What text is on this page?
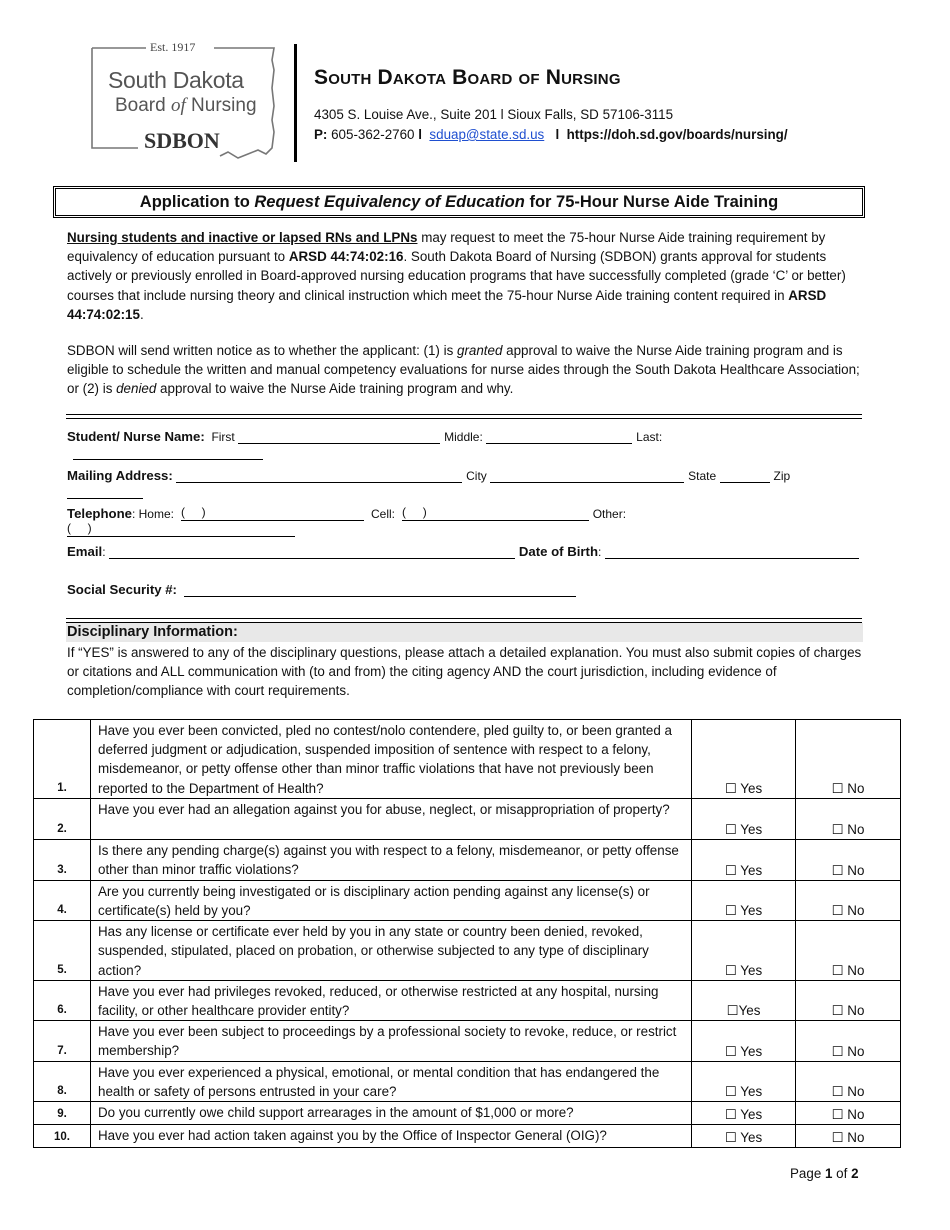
Est. 1917
South Dakota
Board of Nursing
SDBON
South Dakota Board of Nursing
4305 S. Louise Ave., Suite 201 l Sioux Falls, SD 57106-3115
P: 605-362-2760 l sduap@state.sd.us l https://doh.sd.gov/boards/nursing/
Application to Request Equivalency of Education for 75-Hour Nurse Aide Training
Nursing students and inactive or lapsed RNs and LPNs may request to meet the 75-hour Nurse Aide training requirement by equivalency of education pursuant to ARSD 44:74:02:16. South Dakota Board of Nursing (SDBON) grants approval for students actively or previously enrolled in Board-approved nursing education programs that have successfully completed (grade ‘C’ or better) courses that include nursing theory and clinical instruction which meet the 75-hour Nurse Aide training content required in ARSD 44:74:02:15.
SDBON will send written notice as to whether the applicant: (1) is granted approval to waive the Nurse Aide training program and is eligible to schedule the written and manual competency evaluations for nurse aides through the South Dakota Healthcare Association; or (2) is denied approval to waive the Nurse Aide training program and why.
Student/ Nurse Name: First	Middle:	Last:
Mailing Address:	City	State	Zip
Telephone: Home:  (     )	Cell:  (     )	Other:  (     )
Email:	Date of Birth:
Social Security #:
Disciplinary Information:
If “YES” is answered to any of the disciplinary questions, please attach a detailed explanation. You must also submit copies of charges or citations and ALL communication with (to and from) the citing agency AND the court jurisdiction, including evidence of completion/compliance with court requirements.
1.	Have you ever been convicted, pled no contest/nolo contendere, pled guilty to, or been granted a deferred judgment or adjudication, suspended imposition of sentence with respect to a felony, misdemeanor, or petty offense other than minor traffic violations that have not previously been reported to the Department of Health?	☐ Yes	☐ No
2.	Have you ever had an allegation against you for abuse, neglect, or misappropriation of property?	☐ Yes	☐ No
3.	Is there any pending charge(s) against you with respect to a felony, misdemeanor, or petty offense other than minor traffic violations?	☐ Yes	☐ No
4.	Are you currently being investigated or is disciplinary action pending against any license(s) or certificate(s) held by you?	☐ Yes	☐ No
5.	Has any license or certificate ever held by you in any state or country been denied, revoked, suspended, stipulated, placed on probation, or otherwise subjected to any type of disciplinary action?	☐ Yes	☐ No
6.	Have you ever had privileges revoked, reduced, or otherwise restricted at any hospital, nursing facility, or other healthcare provider entity?	☐Yes	☐ No
7.	Have you ever been subject to proceedings by a professional society to revoke, reduce, or restrict membership?	☐ Yes	☐ No
8.	Have you ever experienced a physical, emotional, or mental condition that has endangered the health or safety of persons entrusted in your care?	☐ Yes	☐ No
9.	Do you currently owe child support arrearages in the amount of $1,000 or more?	☐ Yes	☐ No
10.	Have you ever had action taken against you by the Office of Inspector General (OIG)?	☐ Yes	☐ No
Page 1 of 2
